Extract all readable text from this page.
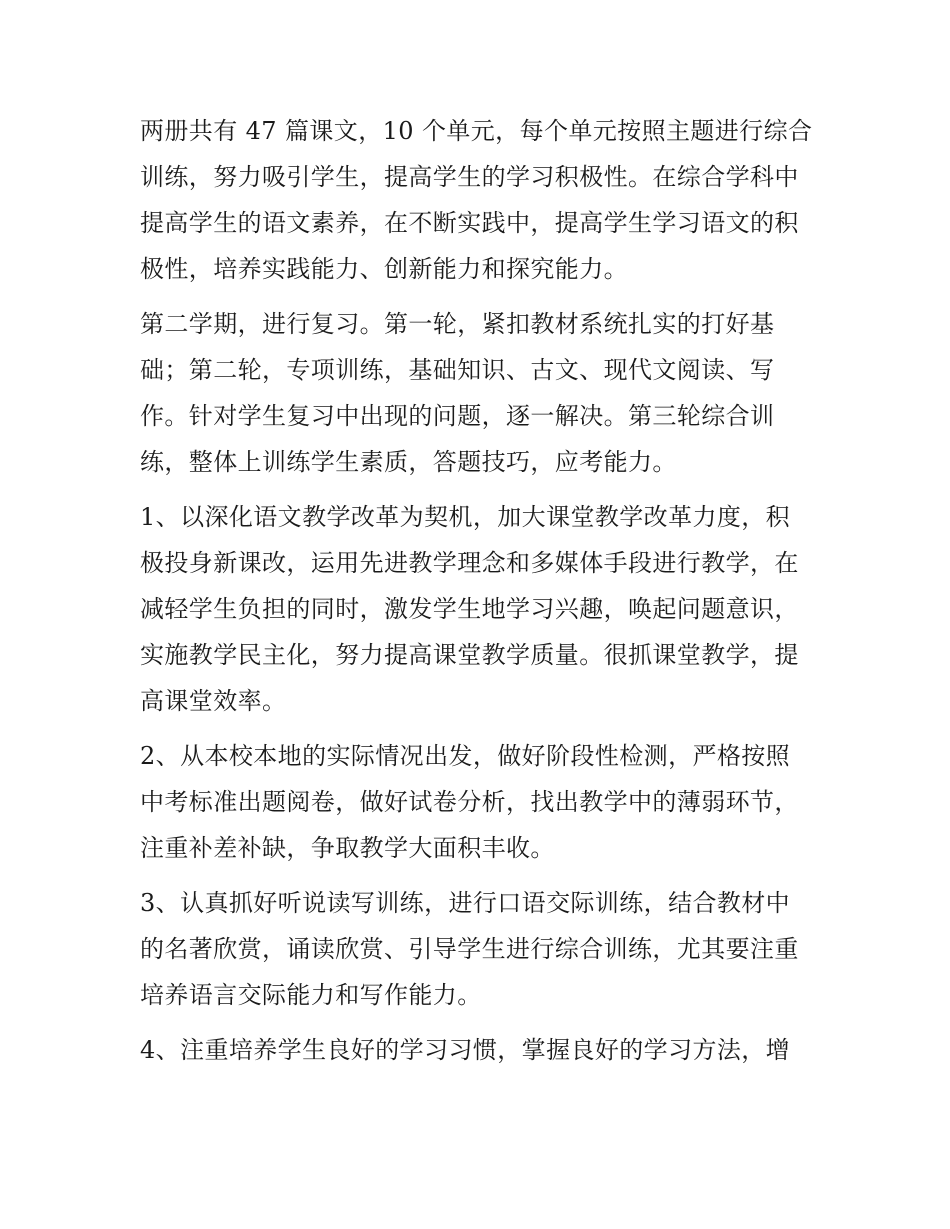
两册共有 47 篇课文，10 个单元，每个单元按照主题进行综合
训练，努力吸引学生，提高学生的学习积极性。在综合学科中
提高学生的语文素养，在不断实践中，提高学生学习语文的积
极性，培养实践能力、创新能力和探究能力。
第二学期，进行复习。第一轮，紧扣教材系统扎实的打好基
础；第二轮，专项训练，基础知识、古文、现代文阅读、写
作。针对学生复习中出现的问题，逐一解决。第三轮综合训
练，整体上训练学生素质，答题技巧，应考能力。
1、以深化语文教学改革为契机，加大课堂教学改革力度，积
极投身新课改，运用先进教学理念和多媒体手段进行教学，在
减轻学生负担的同时，激发学生地学习兴趣，唤起问题意识，
实施教学民主化，努力提高课堂教学质量。很抓课堂教学，提
高课堂效率。
2、从本校本地的实际情况出发，做好阶段性检测，严格按照
中考标准出题阅卷，做好试卷分析，找出教学中的薄弱环节，
注重补差补缺，争取教学大面积丰收。
3、认真抓好听说读写训练，进行口语交际训练，结合教材中
的名著欣赏，诵读欣赏、引导学生进行综合训练，尤其要注重
培养语言交际能力和写作能力。
4、注重培养学生良好的学习习惯，掌握良好的学习方法，增
